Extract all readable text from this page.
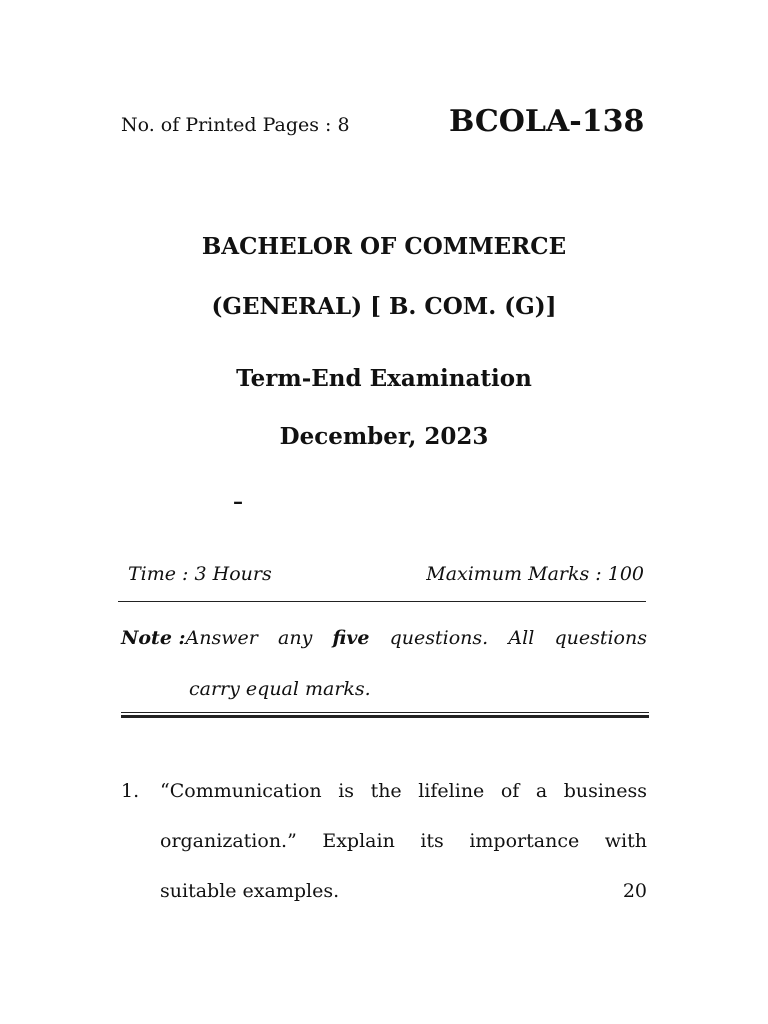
No. of Printed Pages : 8	BCOLA-138
BACHELOR OF COMMERCE
(GENERAL) [ B. COM. (G)]
Term-End Examination
December, 2023
–
Time : 3 Hours	Maximum Marks : 100
Note :Answer any five questions. All questions
carry equal marks.
1. “Communication is the lifeline of a business
organization.” Explain its importance with
suitable examples.	20
